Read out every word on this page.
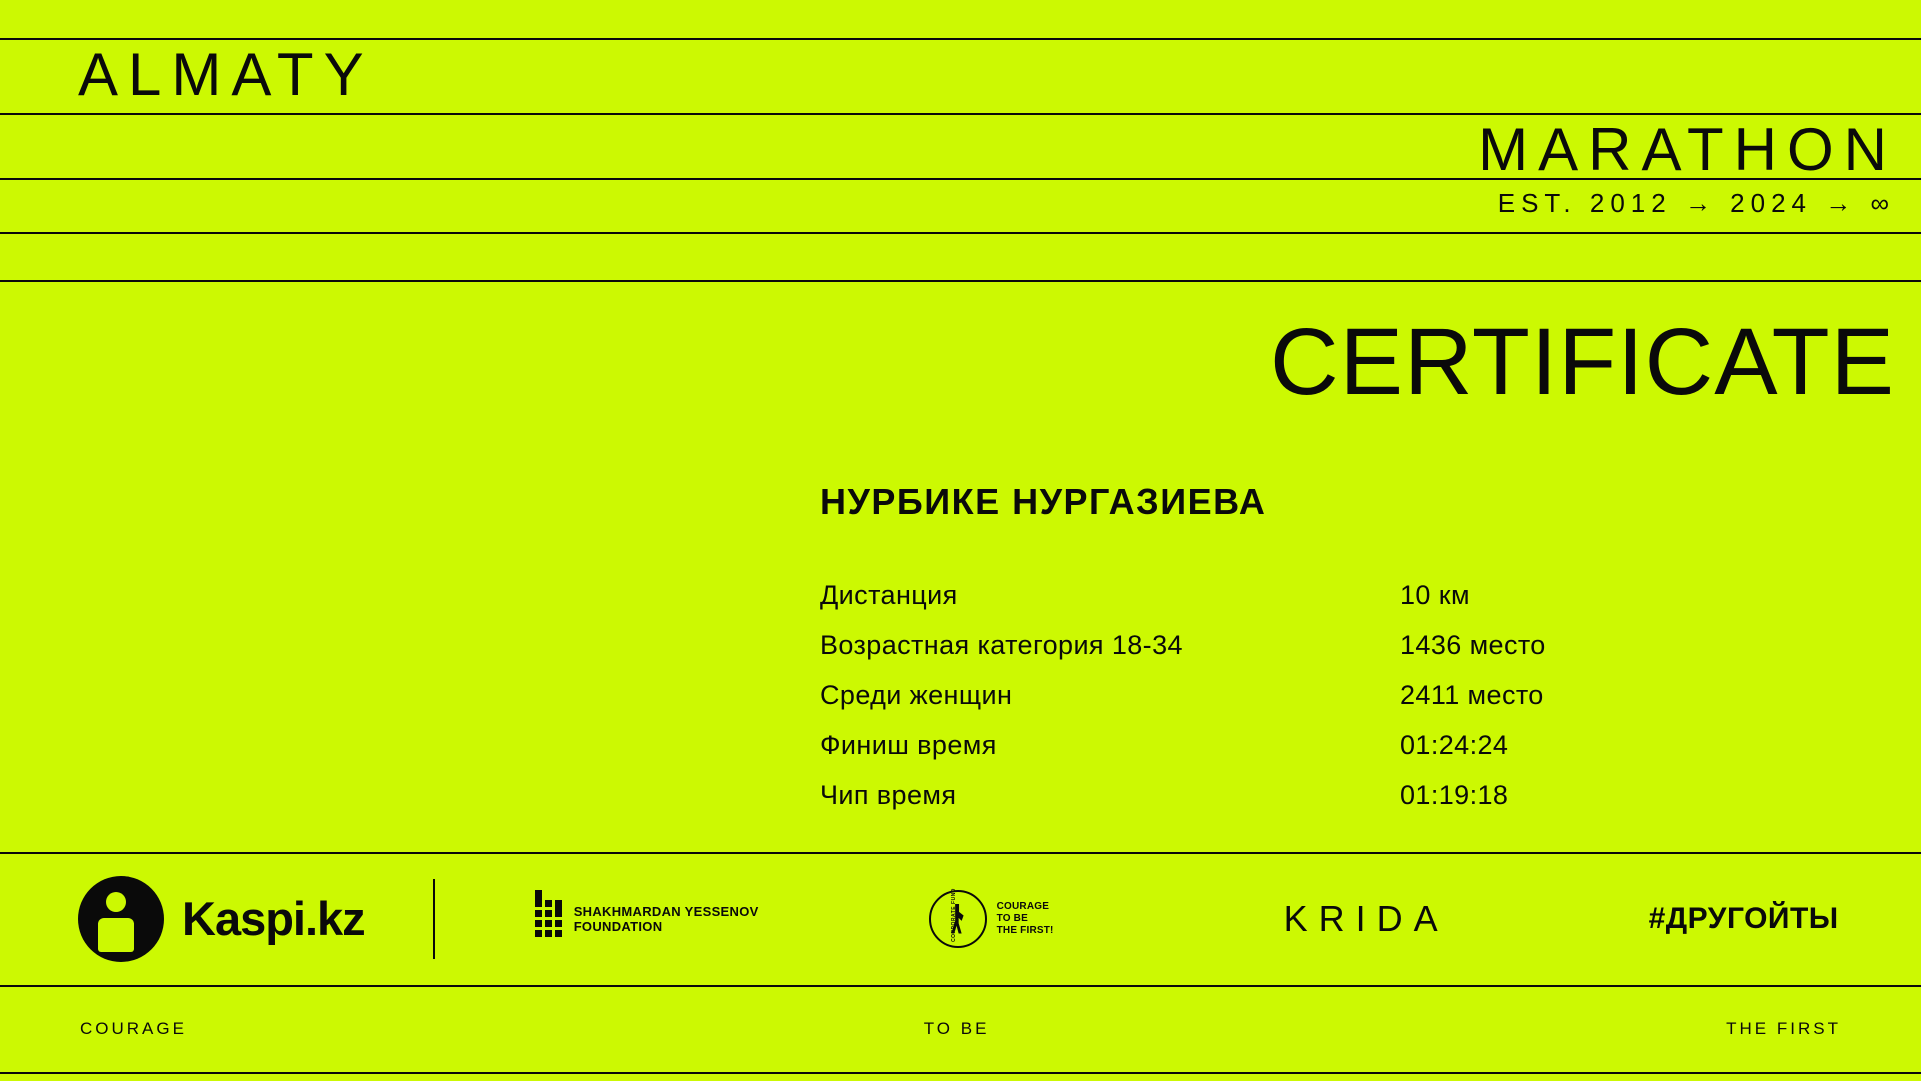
ALMATY
MARATHON
EST. 2012 → 2024 → ∞
CERTIFICATE
НУРБИКЕ НУРГАЗИЕВА
Дистанция	10 км
Возрастная категория 18-34	1436 место
Среди женщин	2411 место
Финиш время	01:24:24
Чип время	01:19:18
Kaspi.kz	SHAKHMARDAN YESSENOV
FOUNDATION	CORPORATE FUND	COURAGE
TO BE
THE FIRST!	KRIDA	#ДРУГОЙТЫ
COURAGE	TO BE	THE FIRST
